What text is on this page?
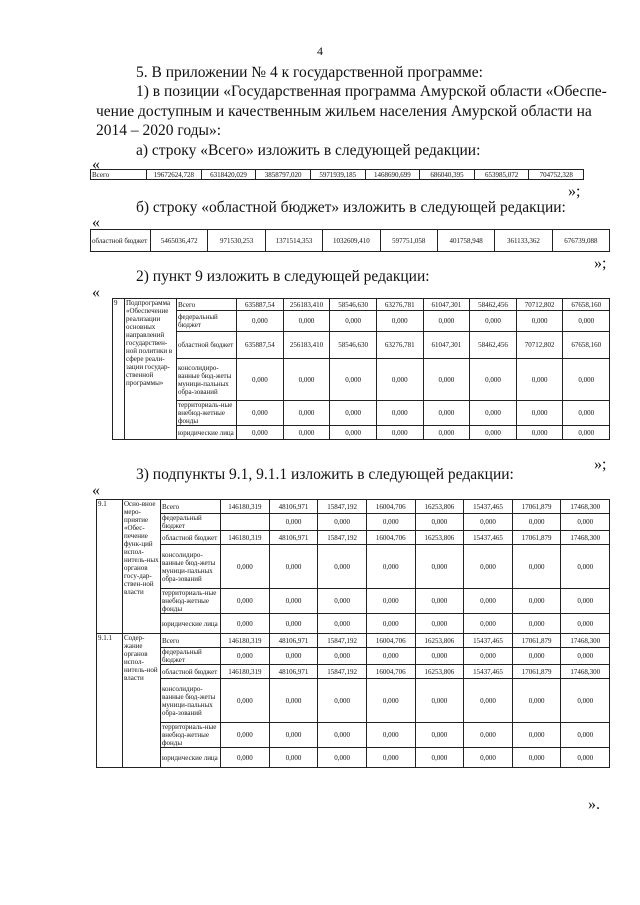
4
5. В приложении № 4 к государственной программе:
1) в позиции «Государственная программа Амурской области «Обеспе-
чение доступным и качественным жильем населения Амурской области на
2014 – 2020 годы»:
а) строку «Всего» изложить в следующей редакции:
«
Всего	19672624,728	6318420,029	3858797,020	5971939,185	1468690,699	686040,395	653985,072	704752,328
»;
б) строку «областной бюджет» изложить в следующей редакции:
«
областной бюджет	5465036,472	971530,253	1371514,353	1032609,410	597751,058	401758,948	361133,362	676739,088
»;
2) пункт 9 изложить в следующей редакции:
«
9	Подпрограмма «Обеспечение реализации основных направлений государствен-ной политики в сфере реали-зации государ-ственной программы»	Всего	635887,54	256183,410	58546,630	63276,781	61047,301	58462,456	70712,802	67658,160
		федеральный бюджет	0,000	0,000	0,000	0,000	0,000	0,000	0,000	0,000
		областной бюджет	635887,54	256183,410	58546,630	63276,781	61047,301	58462,456	70712,802	67658,160
		консолидиро-ванные бюд-жеты муници-пальных обра-зований	0,000	0,000	0,000	0,000	0,000	0,000	0,000	0,000
		территориаль-ные внебюд-жетные фонды	0,000	0,000	0,000	0,000	0,000	0,000	0,000	0,000
		юридические лица	0,000	0,000	0,000	0,000	0,000	0,000	0,000	0,000
»;
3) подпункты 9.1, 9.1.1 изложить в следующей редакции:
«
9.1	Осно-вное меро-приятие «Обес-печение функ-ций испол-нитель-ных органов госу-дар-ствен-ной власти	Всего	146180,319	48106,971	15847,192	16004,706	16253,806	15437,465	17061,879	17468,300
		федеральный бюджет		0,000	0,000	0,000	0,000	0,000	0,000	0,000
		областной бюджет	146180,319	48106,971	15847,192	16004,706	16253,806	15437,465	17061,879	17468,300
		консолидиро-ванные бюд-жеты муници-пальных обра-зований	0,000	0,000	0,000	0,000	0,000	0,000	0,000	0,000
		территориаль-ные внебюд-жетные фонды	0,000	0,000	0,000	0,000	0,000	0,000	0,000	0,000
		юридические лица	0,000	0,000	0,000	0,000	0,000	0,000	0,000	0,000
9.1.1	Содер-жание органов испол-нитель-ной власти	Всего	146180,319	48106,971	15847,192	16004,706	16253,806	15437,465	17061,879	17468,300
		федеральный бюджет	0,000	0,000	0,000	0,000	0,000	0,000	0,000	0,000
		областной бюджет	146180,319	48106,971	15847,192	16004,706	16253,806	15437,465	17061,879	17468,300
		консолидиро-ванные бюд-жеты муници-пальных обра-зований	0,000	0,000	0,000	0,000	0,000	0,000	0,000	0,000
		территориаль-ные внебюд-жетные фонды	0,000	0,000	0,000	0,000	0,000	0,000	0,000	0,000
		юридические лица	0,000	0,000	0,000	0,000	0,000	0,000	0,000	0,000
».
